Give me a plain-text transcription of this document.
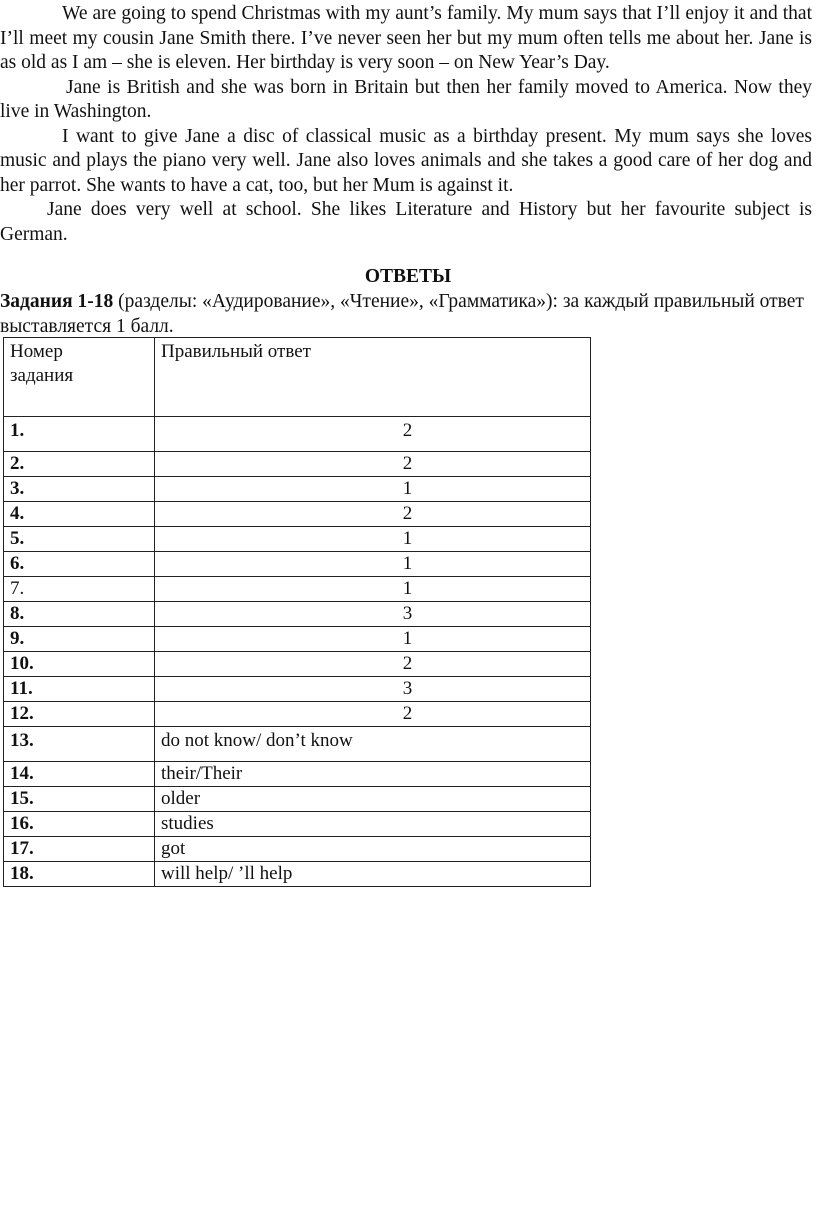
We are going to spend Christmas with my aunt’s family. My mum says that I’ll enjoy it and that I’ll meet my cousin Jane Smith there. I’ve never seen her but my mum often tells me about her. Jane is as old as I am – she is eleven. Her birthday is very soon – on New Year’s Day.

Jane is British and she was born in Britain but then her family moved to America. Now they live in Washington.

I want to give Jane a disc of classical music as a birthday present. My mum says she loves music and plays the piano very well. Jane also loves animals and she takes a good care of her dog and her parrot. She wants to have a cat, too, but her Mum is against it.

Jane does very well at school. She likes Literature and History but her favourite subject is German.

ОТВЕТЫ
Задания 1-18 (разделы: «Аудирование», «Чтение», «Грамматика»): за каждый правильный ответ выставляется 1 балл.
Номер
задания	Правильный ответ
1.	2
2.	2
3.	1
4.	2
5.	1
6.	1
7.	1
8.	3
9.	1
10.	2
11.	3
12.	2
13.	do not know/ don’t know
14.	their/Their
15.	older
16.	studies
17.	got
18.	will help/ ’ll help
